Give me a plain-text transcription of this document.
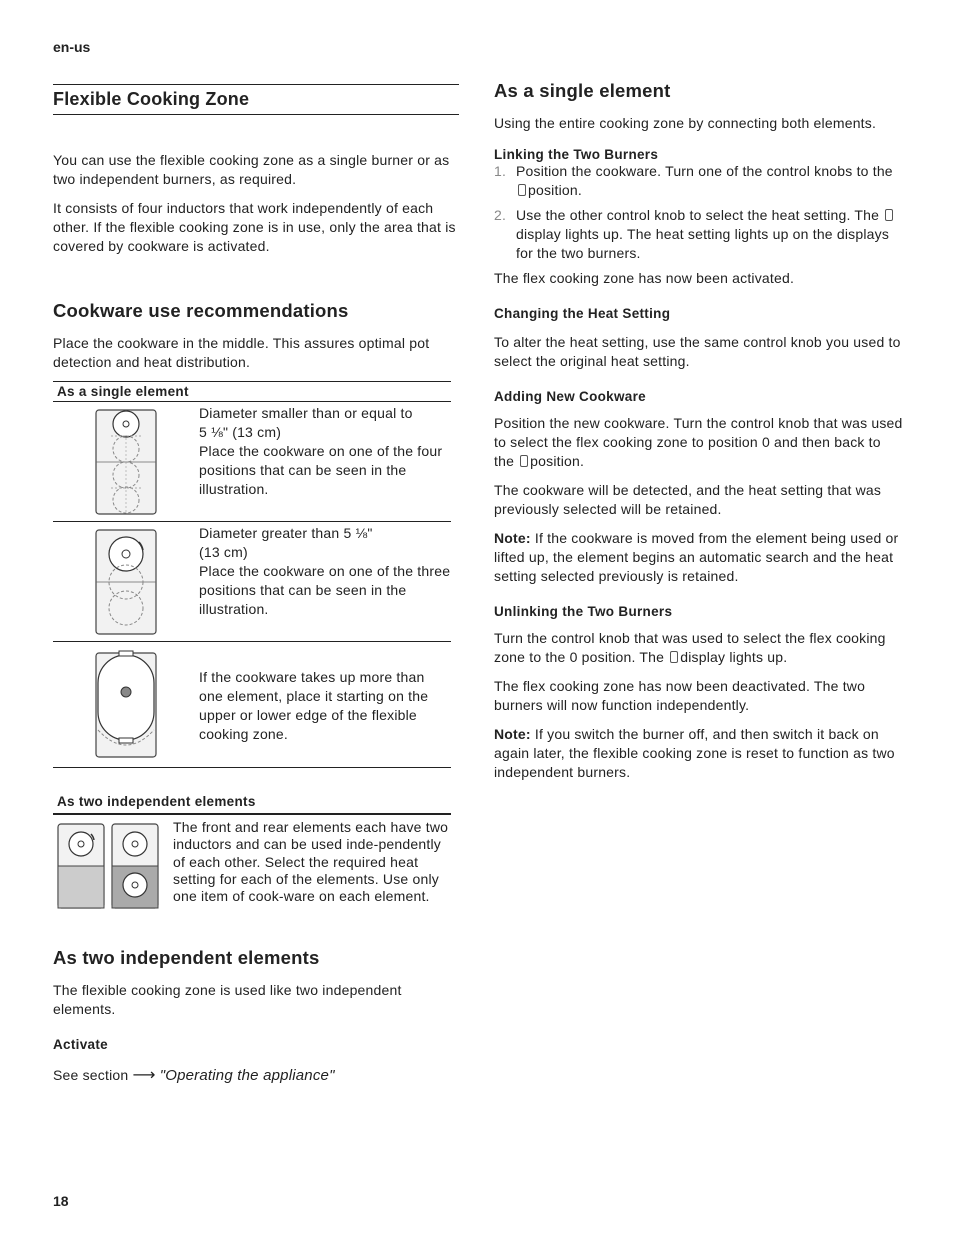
en-us
Flexible Cooking Zone

You can use the flexible cooking zone as a single burner or as two independent burners, as required.

It consists of four inductors that work independently of each other. If the flexible cooking zone is in use, only the area that is covered by cookware is activated.

Cookware use recommendations

Place the cookware in the middle. This assures optimal pot detection and heat distribution.

As a single element
Diameter smaller than or equal to
5 ⅛" (13 cm)
Place the cookware on one of the four positions that can be seen in the illustration.
Diameter greater than 5 ⅛"
(13 cm)
Place the cookware on one of the three positions that can be seen in the illustration.
If the cookware takes up more than one element, place it starting on the upper or lower edge of the flexible cooking zone.
As two independent elements
The front and rear elements each have two inductors and can be used inde-pendently of each other. Select the required heat setting for each of the elements. Use only one item of cook-ware on each element.
As two independent elements

The flexible cooking zone is used like two independent elements.

Activate

See section ⟶ "Operating the appliance"

As a single element

Using the entire cooking zone by connecting both elements.

Linking the Two Burners
1. Position the cookware. Turn one of the control knobs to the position.
2. Use the other control knob to select the heat setting. The display lights up. The heat setting lights up on the displays for the two burners.

The flex cooking zone has now been activated.

Changing the Heat Setting

To alter the heat setting, use the same control knob you used to select the original heat setting.

Adding New Cookware

Position the new cookware. Turn the control knob that was used to select the flex cooking zone to position 0 and then back to the position.

The cookware will be detected, and the heat setting that was previously selected will be retained.

Note: If the cookware is moved from the element being used or lifted up, the element begins an automatic search and the heat setting selected previously is retained.

Unlinking the Two Burners

Turn the control knob that was used to select the flex cooking zone to the 0 position. The display lights up.

The flex cooking zone has now been deactivated. The two burners will now function independently.

Note: If you switch the burner off, and then switch it back on again later, the flexible cooking zone is reset to function as two independent burners.

18
